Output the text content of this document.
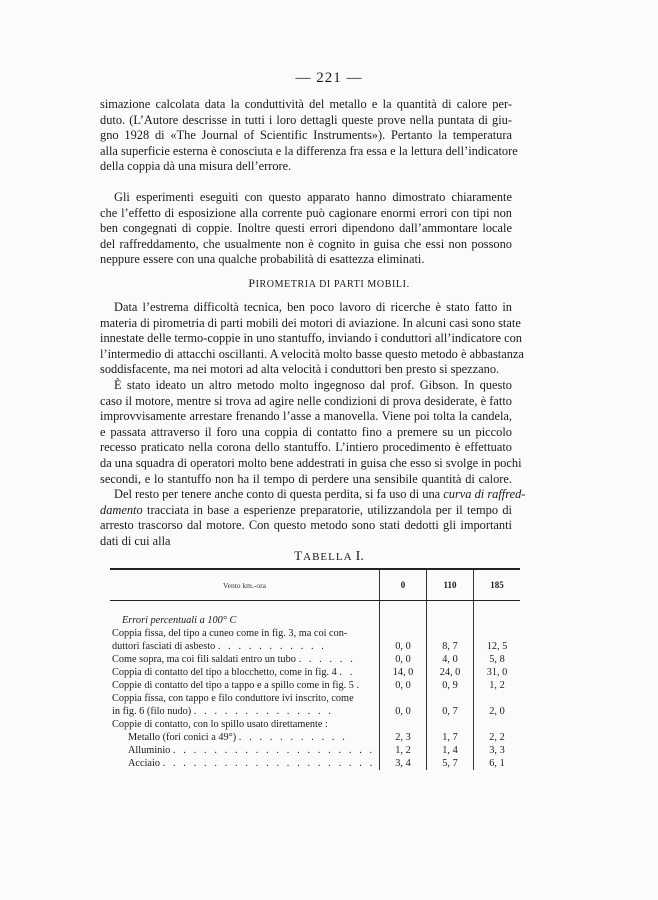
— 221 —
simazione calcolata data la conduttività del metallo e la quantità di calore per-
duto. (L’Autore descrisse in tutti i loro dettagli queste prove nella puntata di giu-
gno 1928 di «The Journal of Scientific Instruments»). Pertanto la temperatura
alla superficie esterna è conosciuta e la differenza fra essa e la lettura dell’indicatore
della coppia dà una misura dell’errore.
Gli esperimenti eseguiti con questo apparato hanno dimostrato chiaramente
che l’effetto di esposizione alla corrente può cagionare enormi errori con tipi non
ben congegnati di coppie. Inoltre questi errori dipendono dall’ammontare locale
del raffreddamento, che usualmente non è cognito in guisa che essi non possono
neppure essere con una qualche probabilità di esattezza eliminati.
PIROMETRIA DI PARTI MOBILI.
Data l’estrema difficoltà tecnica, ben poco lavoro di ricerche è stato fatto in
materia di pirometria di parti mobili dei motori di aviazione. In alcuni casi sono state
innestate delle termo-coppie in uno stantuffo, inviando i conduttori all’indicatore con
l’intermedio di attacchi oscillanti. A velocità molto basse questo metodo è abbastanza
soddisfacente, ma nei motori ad alta velocità i conduttori ben presto si spezzano.
È stato ideato un altro metodo molto ingegnoso dal prof. Gibson. In questo
caso il motore, mentre si trova ad agire nelle condizioni di prova desiderate, è fatto
improvvisamente arrestare frenando l’asse a manovella. Viene poi tolta la candela,
e passata attraverso il foro una coppia di contatto fino a premere su un piccolo
recesso praticato nella corona dello stantuffo. L’intiero procedimento è effettuato
da una squadra di operatori molto bene addestrati in guisa che esso si svolge in pochi
secondi, e lo stantuffo non ha il tempo di perdere una sensibile quantità di calore.
Del resto per tenere anche conto di questa perdita, si fa uso di una curva di raffred-
damento tracciata in base a esperienze preparatorie, utilizzandola per il tempo di
arresto trascorso dal motore. Con questo metodo sono stati dedotti gli importanti
dati di cui alla
TABELLA I.
Vento km.-ora	0	110	185

Errori percentuali a 100° C			

Coppia fissa, del tipo a cuneo come in fig. 3, ma coi con-
duttori fasciati di asbesto . . . . . . . . . . .	0, 0	8, 7	12, 5
Come sopra, ma coi fili saldati entro un tubo . . . . . .	0, 0	4, 0	5, 8
Coppia di contatto del tipo a blocchetto, come in fig. 4 . .	14, 0	24, 0	31, 0
Coppie di contatto del tipo a tappo e a spillo come in fig. 5 .	0, 0	0, 9	1, 2

Coppia fissa, con tappo e filo conduttore ivi inscrito, come
in fig. 6 (filo nudo) . . . . . . . . . . . . . .	0, 0	0, 7	2, 0
Coppie di contatto, con lo spillo usato direttamente :			
Metallo (fori conici a 49°) . . . . . . . . . . .	2, 3	1, 7	2, 2
Alluminio . . . . . . . . . . . . . . . . . . . .	1, 2	1, 4	3, 3
Acciaio . . . . . . . . . . . . . . . . . . . . .	3, 4	5, 7	6, 1
